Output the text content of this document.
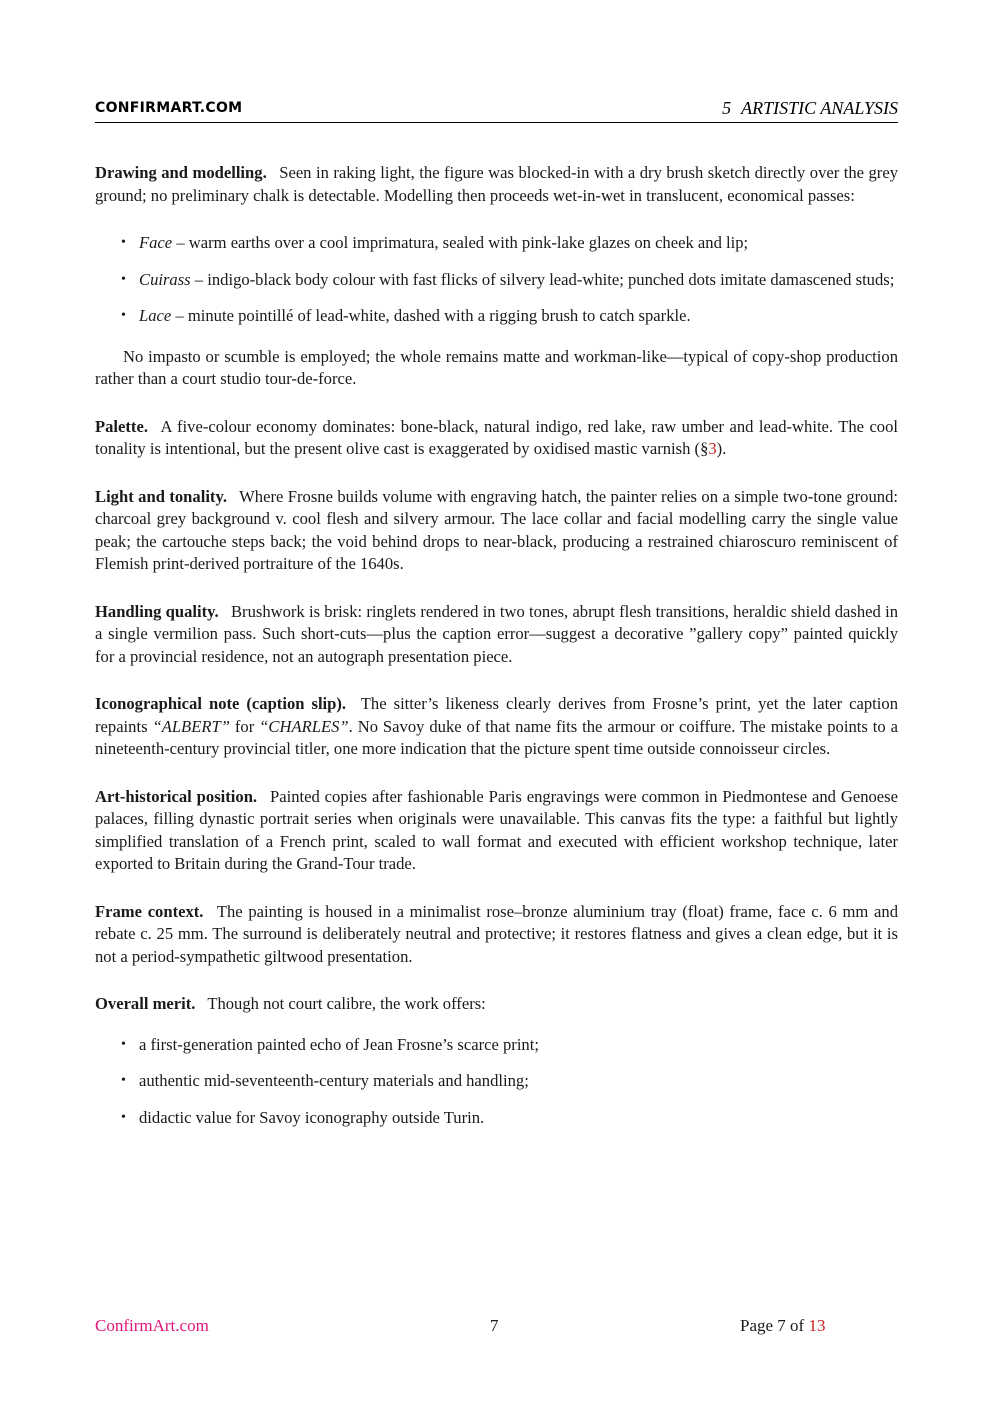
CONFIRMART.COM	5 ARTISTIC ANALYSIS

Drawing and modelling. Seen in raking light, the figure was blocked-in with a dry brush sketch directly over the grey ground; no preliminary chalk is detectable. Modelling then proceeds wet-in-wet in translucent, economical passes:

• Face – warm earths over a cool imprimatura, sealed with pink-lake glazes on cheek and lip;
• Cuirass – indigo-black body colour with fast flicks of silvery lead-white; punched dots imitate damascened studs;
• Lace – minute pointillé of lead-white, dashed with a rigging brush to catch sparkle.

No impasto or scumble is employed; the whole remains matte and workman-like—typical of copy-shop production rather than a court studio tour-de-force.

Palette. A five-colour economy dominates: bone-black, natural indigo, red lake, raw umber and lead-white. The cool tonality is intentional, but the present olive cast is exaggerated by oxidised mastic varnish (§3).

Light and tonality. Where Frosne builds volume with engraving hatch, the painter relies on a simple two-tone ground: charcoal grey background v. cool flesh and silvery armour. The lace collar and facial modelling carry the single value peak; the cartouche steps back; the void behind drops to near-black, producing a restrained chiaroscuro reminiscent of Flemish print-derived portraiture of the 1640s.

Handling quality. Brushwork is brisk: ringlets rendered in two tones, abrupt flesh transitions, heraldic shield dashed in a single vermilion pass. Such short-cuts—plus the caption error—suggest a decorative ”gallery copy” painted quickly for a provincial residence, not an autograph presentation piece.

Iconographical note (caption slip). The sitter’s likeness clearly derives from Frosne’s print, yet the later caption repaints “ALBERT” for “CHARLES”. No Savoy duke of that name fits the armour or coiffure. The mistake points to a nineteenth-century provincial titler, one more indication that the picture spent time outside connoisseur circles.

Art-historical position. Painted copies after fashionable Paris engravings were common in Piedmontese and Genoese palaces, filling dynastic portrait series when originals were unavailable. This canvas fits the type: a faithful but lightly simplified translation of a French print, scaled to wall format and executed with efficient workshop technique, later exported to Britain during the Grand-Tour trade.

Frame context. The painting is housed in a minimalist rose–bronze aluminium tray (float) frame, face c. 6 mm and rebate c. 25 mm. The surround is deliberately neutral and protective; it restores flatness and gives a clean edge, but it is not a period-sympathetic giltwood presentation.

Overall merit. Though not court calibre, the work offers:

• a first-generation painted echo of Jean Frosne’s scarce print;
• authentic mid-seventeenth-century materials and handling;
• didactic value for Savoy iconography outside Turin.
ConfirmArt.com	7	Page 7 of 13
